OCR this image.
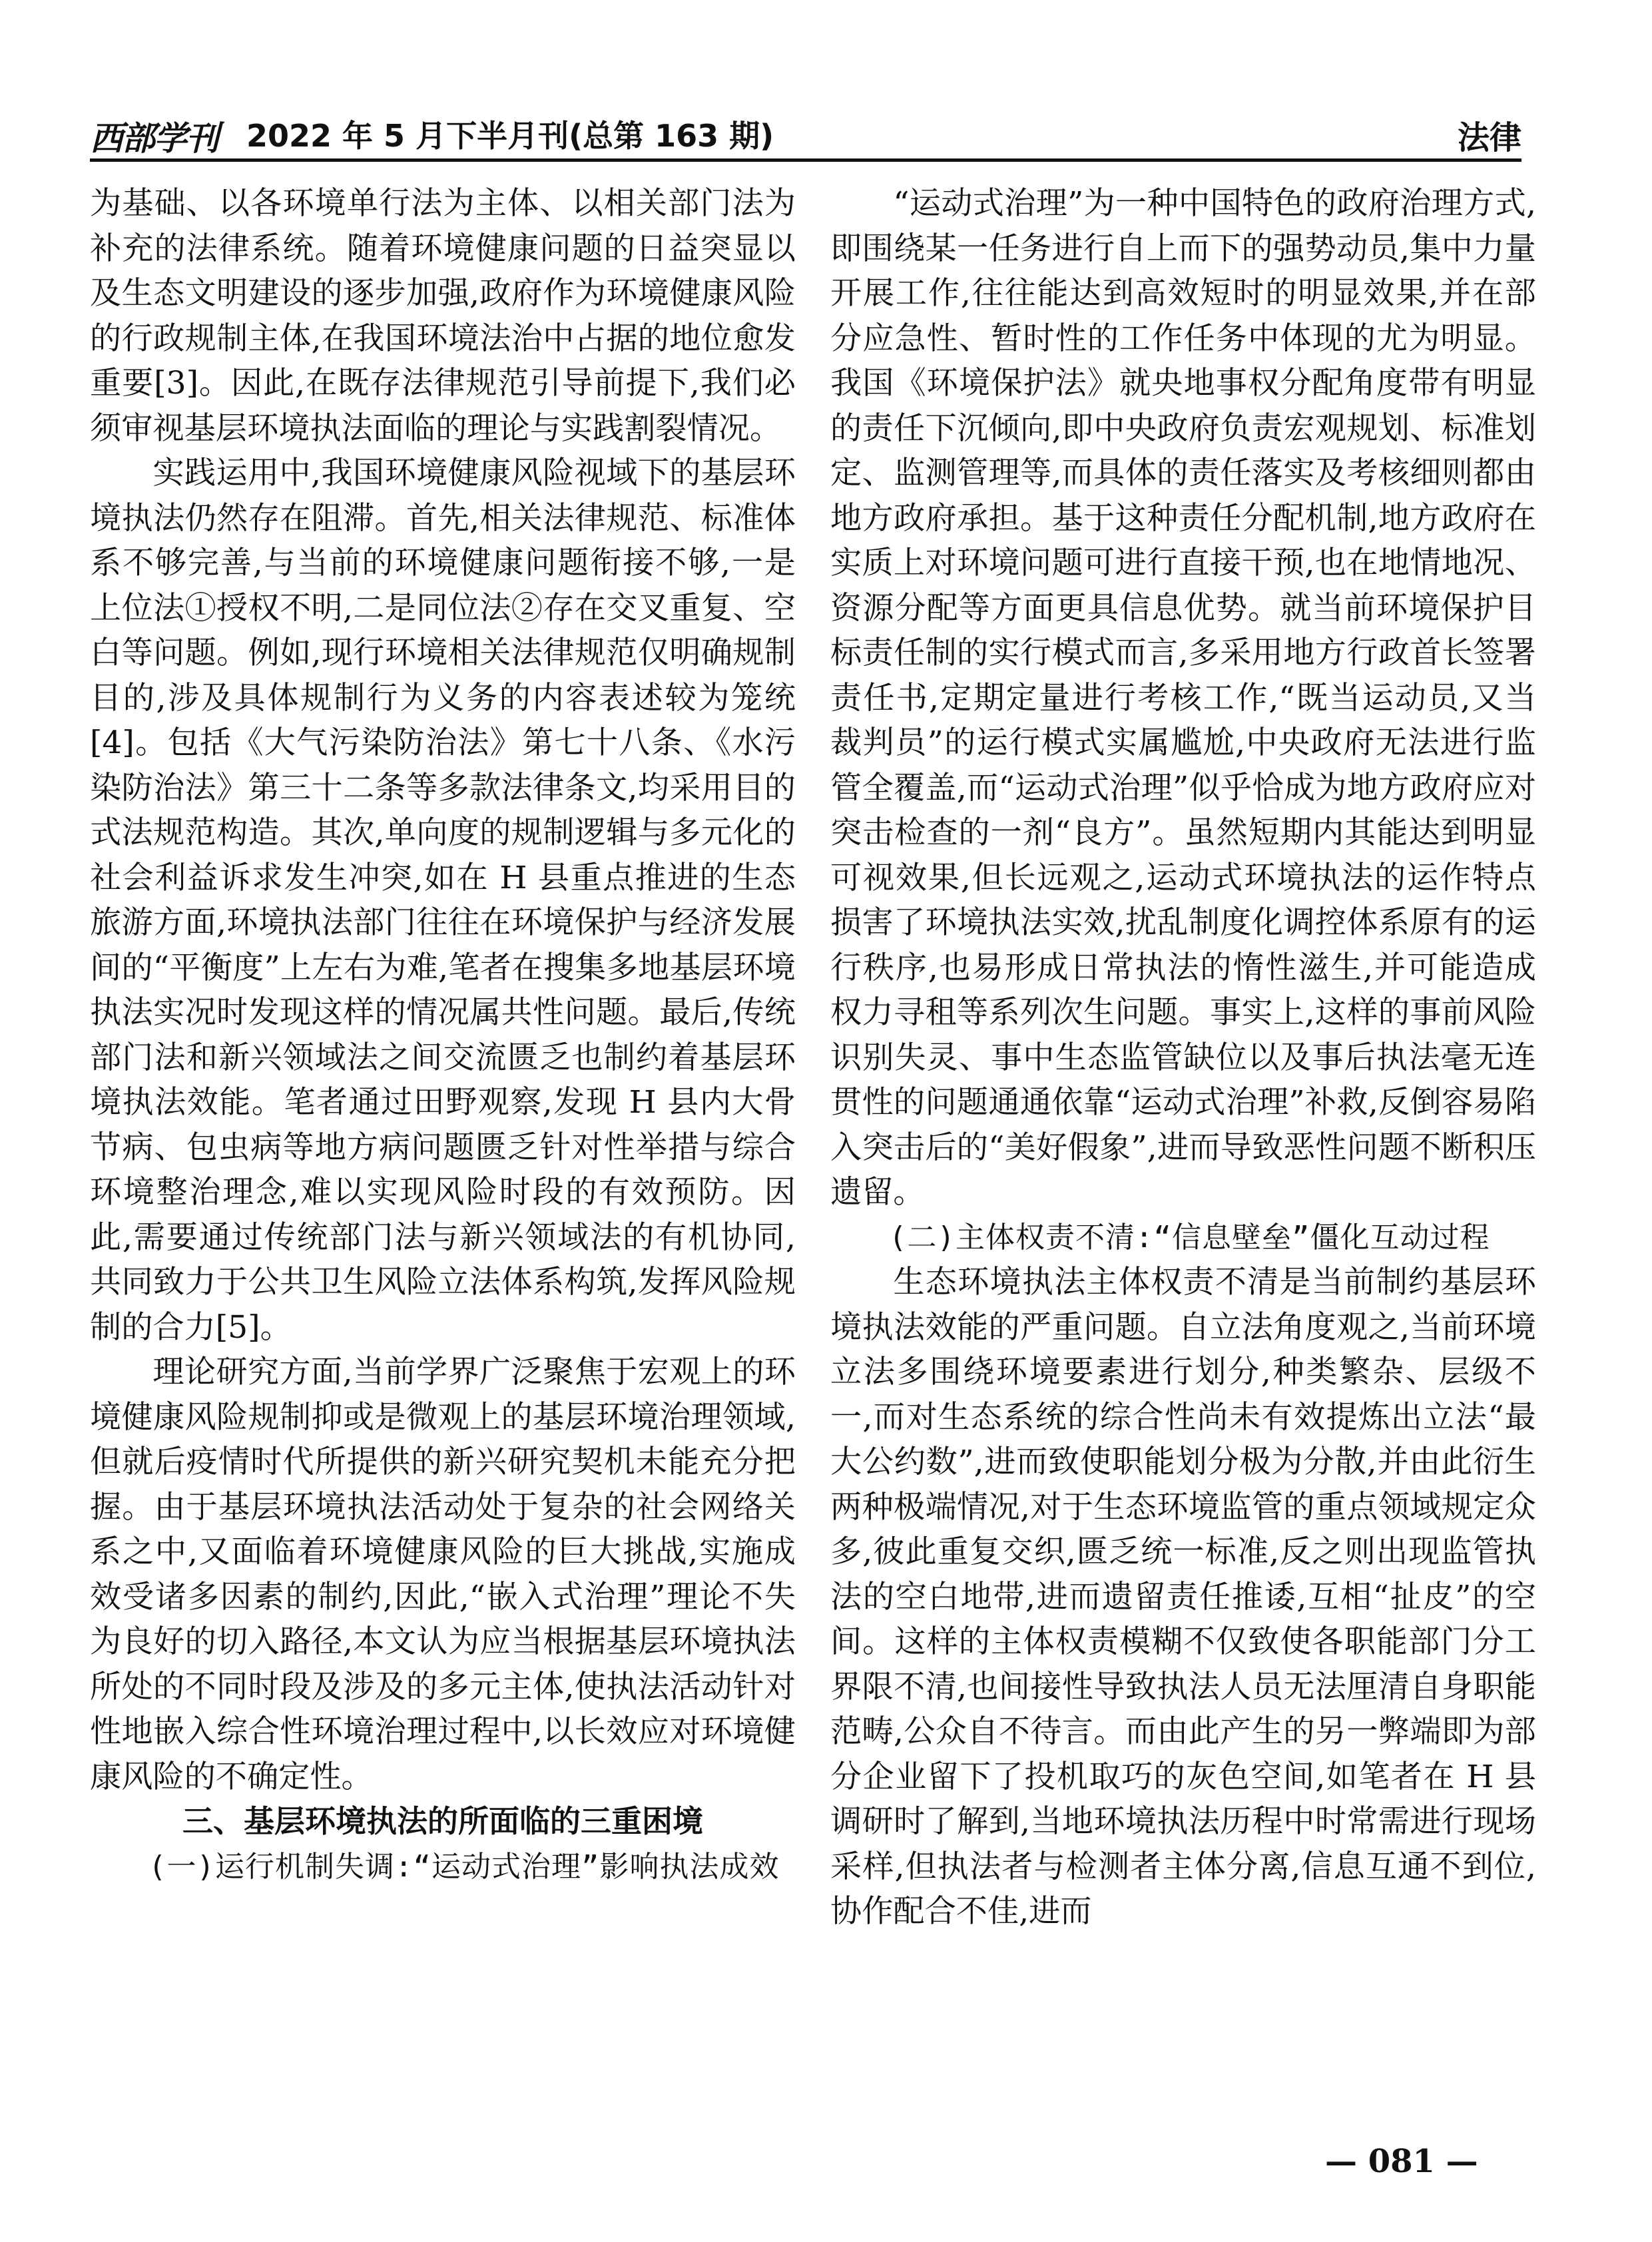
西部学刊 2022 年 5 月下半月刊(总第 163 期)	法律

为基础、以各环境单行法为主体、以相关部门法为补充的法律系统。随着环境健康问题的日益突显以及生态文明建设的逐步加强,政府作为环境健康风险的行政规制主体,在我国环境法治中占据的地位愈发重要[3]。因此,在既存法律规范引导前提下,我们必须审视基层环境执法面临的理论与实践割裂情况。

实践运用中,我国环境健康风险视域下的基层环境执法仍然存在阻滞。首先,相关法律规范、标准体系不够完善,与当前的环境健康问题衔接不够,一是上位法①授权不明,二是同位法②存在交叉重复、空白等问题。例如,现行环境相关法律规范仅明确规制目的,涉及具体规制行为义务的内容表述较为笼统[4]。包括《大气污染防治法》第七十八条、《水污染防治法》第三十二条等多款法律条文,均采用目的式法规范构造。其次,单向度的规制逻辑与多元化的社会利益诉求发生冲突,如在 H 县重点推进的生态旅游方面,环境执法部门往往在环境保护与经济发展间的“平衡度”上左右为难,笔者在搜集多地基层环境执法实况时发现这样的情况属共性问题。最后,传统部门法和新兴领域法之间交流匮乏也制约着基层环境执法效能。笔者通过田野观察,发现 H 县内大骨节病、包虫病等地方病问题匮乏针对性举措与综合环境整治理念,难以实现风险时段的有效预防。因此,需要通过传统部门法与新兴领域法的有机协同,共同致力于公共卫生风险立法体系构筑,发挥风险规制的合力[5]。

理论研究方面,当前学界广泛聚焦于宏观上的环境健康风险规制抑或是微观上的基层环境治理领域,但就后疫情时代所提供的新兴研究契机未能充分把握。由于基层环境执法活动处于复杂的社会网络关系之中,又面临着环境健康风险的巨大挑战,实施成效受诸多因素的制约,因此,“嵌入式治理”理论不失为良好的切入路径,本文认为应当根据基层环境执法所处的不同时段及涉及的多元主体,使执法活动针对性地嵌入综合性环境治理过程中,以长效应对环境健康风险的不确定性。

三、基层环境执法的所面临的三重困境

(一)运行机制失调:“运动式治理”影响执法成效

“运动式治理”为一种中国特色的政府治理方式,即围绕某一任务进行自上而下的强势动员,集中力量开展工作,往往能达到高效短时的明显效果,并在部分应急性、暂时性的工作任务中体现的尤为明显。我国《环境保护法》就央地事权分配角度带有明显的责任下沉倾向,即中央政府负责宏观规划、标准划定、监测管理等,而具体的责任落实及考核细则都由地方政府承担。基于这种责任分配机制,地方政府在实质上对环境问题可进行直接干预,也在地情地况、资源分配等方面更具信息优势。就当前环境保护目标责任制的实行模式而言,多采用地方行政首长签署责任书,定期定量进行考核工作,“既当运动员,又当裁判员”的运行模式实属尴尬,中央政府无法进行监管全覆盖,而“运动式治理”似乎恰成为地方政府应对突击检查的一剂“良方”。虽然短期内其能达到明显可视效果,但长远观之,运动式环境执法的运作特点损害了环境执法实效,扰乱制度化调控体系原有的运行秩序,也易形成日常执法的惰性滋生,并可能造成权力寻租等系列次生问题。事实上,这样的事前风险识别失灵、事中生态监管缺位以及事后执法毫无连贯性的问题通通依靠“运动式治理”补救,反倒容易陷入突击后的“美好假象”,进而导致恶性问题不断积压遗留。

(二)主体权责不清:“信息壁垒”僵化互动过程

生态环境执法主体权责不清是当前制约基层环境执法效能的严重问题。自立法角度观之,当前环境立法多围绕环境要素进行划分,种类繁杂、层级不一,而对生态系统的综合性尚未有效提炼出立法“最大公约数”,进而致使职能划分极为分散,并由此衍生两种极端情况,对于生态环境监管的重点领域规定众多,彼此重复交织,匮乏统一标准,反之则出现监管执法的空白地带,进而遗留责任推诿,互相“扯皮”的空间。这样的主体权责模糊不仅致使各职能部门分工界限不清,也间接性导致执法人员无法厘清自身职能范畴,公众自不待言。而由此产生的另一弊端即为部分企业留下了投机取巧的灰色空间,如笔者在 H 县调研时了解到,当地环境执法历程中时常需进行现场采样,但执法者与检测者主体分离,信息互通不到位,协作配合不佳,进而

— 081 —
